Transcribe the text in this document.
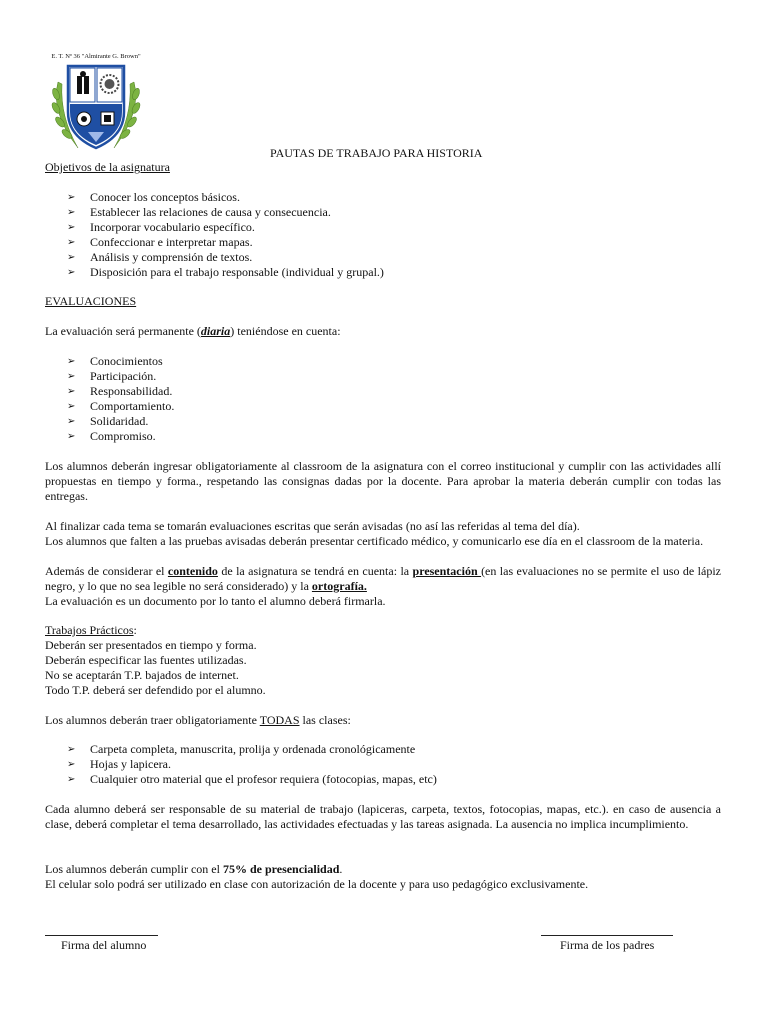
E. T. Nº 36 "Almirante G. Brown"
PAUTAS DE TRABAJO PARA HISTORIA
Objetivos de la asignatura
➢ Conocer los conceptos básicos.
➢ Establecer las relaciones de causa y consecuencia.
➢ Incorporar vocabulario específico.
➢ Confeccionar e interpretar mapas.
➢ Análisis y comprensión de textos.
➢ Disposición para el trabajo responsable (individual y grupal.)
EVALUACIONES
La evaluación será permanente (diaria) teniéndose en cuenta:
➢ Conocimientos
➢ Participación.
➢ Responsabilidad.
➢ Comportamiento.
➢ Solidaridad.
➢ Compromiso.
Los alumnos deberán ingresar obligatoriamente al classroom de la asignatura con el correo institucional y cumplir con las actividades allí propuestas en tiempo y forma., respetando las consignas dadas por la docente. Para aprobar la materia deberán cumplir con todas las entregas.
Al finalizar cada tema se tomarán evaluaciones escritas que serán avisadas (no así las referidas al tema del día).
Los alumnos que falten a las pruebas avisadas deberán presentar certificado médico, y comunicarlo ese día en el classroom de la materia.
Además de considerar el contenido de la asignatura se tendrá en cuenta: la presentación (en las evaluaciones no se permite el uso de lápiz negro, y lo que no sea legible no será considerado) y la ortografía.
La evaluación es un documento por lo tanto el alumno deberá firmarla.
Trabajos Prácticos:
Deberán ser presentados en tiempo y forma.
Deberán especificar las fuentes utilizadas.
No se aceptarán T.P. bajados de internet.
Todo T.P. deberá ser defendido por el alumno.
Los alumnos deberán traer obligatoriamente TODAS las clases:
➢ Carpeta completa, manuscrita, prolija y ordenada cronológicamente
➢ Hojas y lapicera.
➢ Cualquier otro material que el profesor requiera (fotocopias, mapas, etc)
Cada alumno deberá ser responsable de su material de trabajo (lapiceras, carpeta, textos, fotocopias, mapas, etc.). en caso de ausencia a clase, deberá completar el tema desarrollado, las actividades efectuadas y las tareas asignada. La ausencia no implica incumplimiento.
Los alumnos deberán cumplir con el 75% de presencialidad.
El celular solo podrá ser utilizado en clase con autorización de la docente y para uso pedagógico exclusivamente.
Firma del alumno	Firma de los padres
